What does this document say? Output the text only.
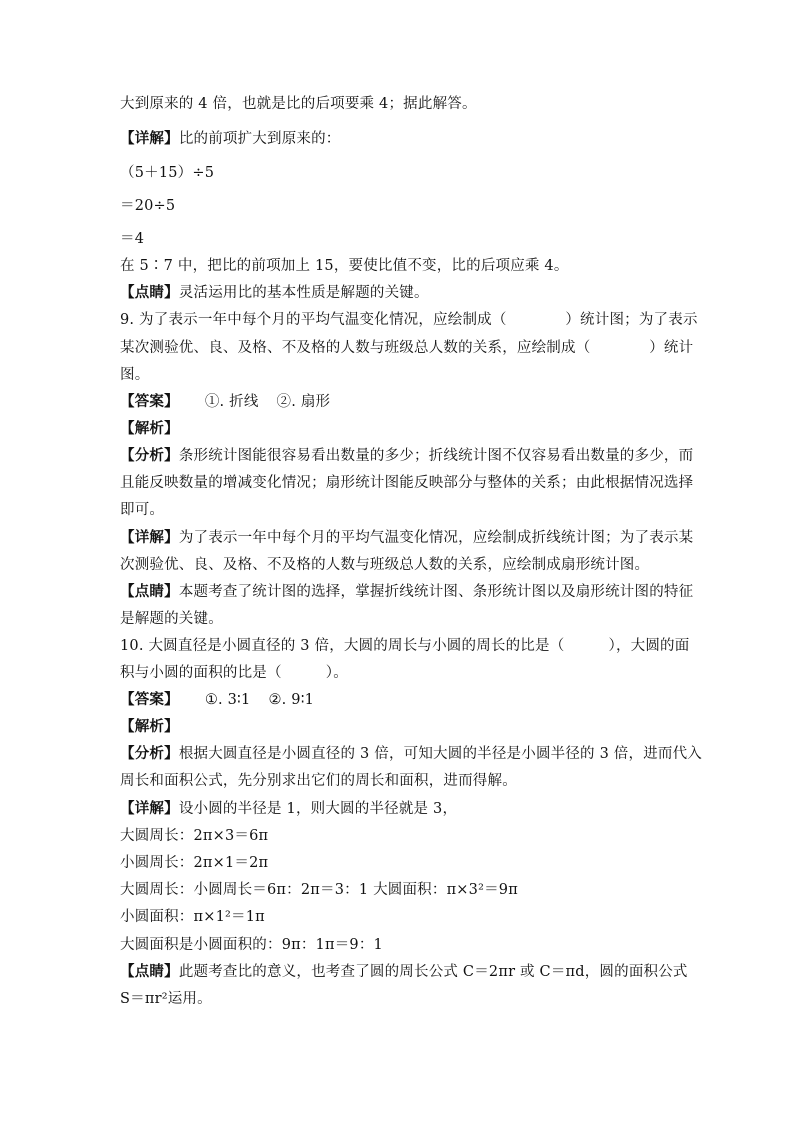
大到原来的 4 倍，也就是比的后项要乘 4；据此解答。
【详解】比的前项扩大到原来的：
（5＋15）÷5
＝20÷5
＝4
在 5∶7 中，把比的前项加上 15，要使比值不变，比的后项应乘 4。
【点睛】灵活运用比的基本性质是解题的关键。
9. 为了表示一年中每个月的平均气温变化情况，应绘制成（　　　　）统计图；为了表示
某次测验优、良、及格、不及格的人数与班级总人数的关系，应绘制成（　　　　）统计
图。
【答案】 ①. 折线 ②. 扇形
【解析】
【分析】条形统计图能很容易看出数量的多少；折线统计图不仅容易看出数量的多少，而
且能反映数量的增减变化情况；扇形统计图能反映部分与整体的关系；由此根据情况选择
即可。
【详解】为了表示一年中每个月的平均气温变化情况，应绘制成折线统计图；为了表示某
次测验优、良、及格、不及格的人数与班级总人数的关系，应绘制成扇形统计图。
【点睛】本题考查了统计图的选择，掌握折线统计图、条形统计图以及扇形统计图的特征
是解题的关键。
10. 大圆直径是小圆直径的 3 倍，大圆的周长与小圆的周长的比是（　　　），大圆的面
积与小圆的面积的比是（　　　）。
【答案】 ①. 3∶1 ②. 9∶1
【解析】
【分析】根据大圆直径是小圆直径的 3 倍，可知大圆的半径是小圆半径的 3 倍，进而代入
周长和面积公式，先分别求出它们的周长和面积，进而得解。
【详解】设小圆的半径是 1，则大圆的半径就是 3，
大圆周长：2π×3＝6π
小圆周长：2π×1＝2π
大圆周长：小圆周长＝6π：2π＝3：1 大圆面积：π×3²＝9π
小圆面积：π×1²＝1π
大圆面积是小圆面积的：9π：1π＝9：1
【点睛】此题考查比的意义，也考查了圆的周长公式 C＝2πr 或 C＝πd，圆的面积公式
S＝πr²运用。
